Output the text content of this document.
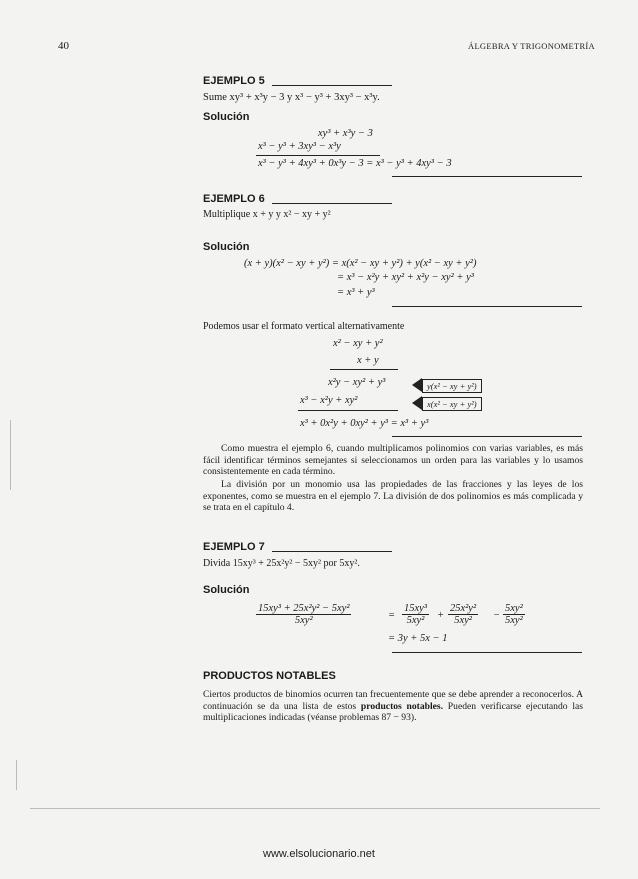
40	ÁLGEBRA Y TRIGONOMETRÍA
EJEMPLO 5
Sume xy³ + x³y − 3 y x³ − y³ + 3xy³ − x³y.
Solución
xy³ + x³y − 3
x³ − y³ + 3xy³ − x³y
x³ − y³ + 4xy³ + 0x³y − 3 = x³ − y³ + 4xy³ − 3
EJEMPLO 6
Multiplique x + y y x² − xy + y²
Solución
(x + y)(x² − xy + y²) = x(x² − xy + y²) + y(x² − xy + y²)
= x³ − x²y + xy² + x²y − xy² + y³
= x³ + y³
Podemos usar el formato vertical alternativamente
x² − xy + y²
x + y
x²y − xy² + y³	y(x² − xy + y²)
x³ − x²y + xy²	x(x² − xy + y²)
x³ + 0x²y + 0xy² + y³ = x³ + y³
Como muestra el ejemplo 6, cuando multiplicamos polinomios con varias variables, es más fácil identificar términos semejantes si seleccionamos un orden para las variables y lo usamos consistentemente en cada término.
La división por un monomio usa las propiedades de las fracciones y las leyes de los exponentes, como se muestra en el ejemplo 7. La división de dos polinomios es más complicada y se trata en el capítulo 4.
EJEMPLO 7
Divida 15xy³ + 25x²y² − 5xy² por 5xy².
Solución
$\frac{\text{15xy³ + 25x²y² − 5xy²}}{\text{5xy²}}$	= $\frac{\text{15xy³}}{\text{5xy²}} + \frac{\text{25x²y²}}{\text{5xy²}} - \frac{\text{5xy²}}{\text{5xy²}}$
= 3y + 5x − 1
PRODUCTOS NOTABLES
Ciertos productos de binomios ocurren tan frecuentemente que se debe aprender a reconocerlos. A continuación se da una lista de estos productos notables. Pueden verificarse ejecutando las multiplicaciones indicadas (véanse problemas 87 − 93).
www.elsolucionario.net
